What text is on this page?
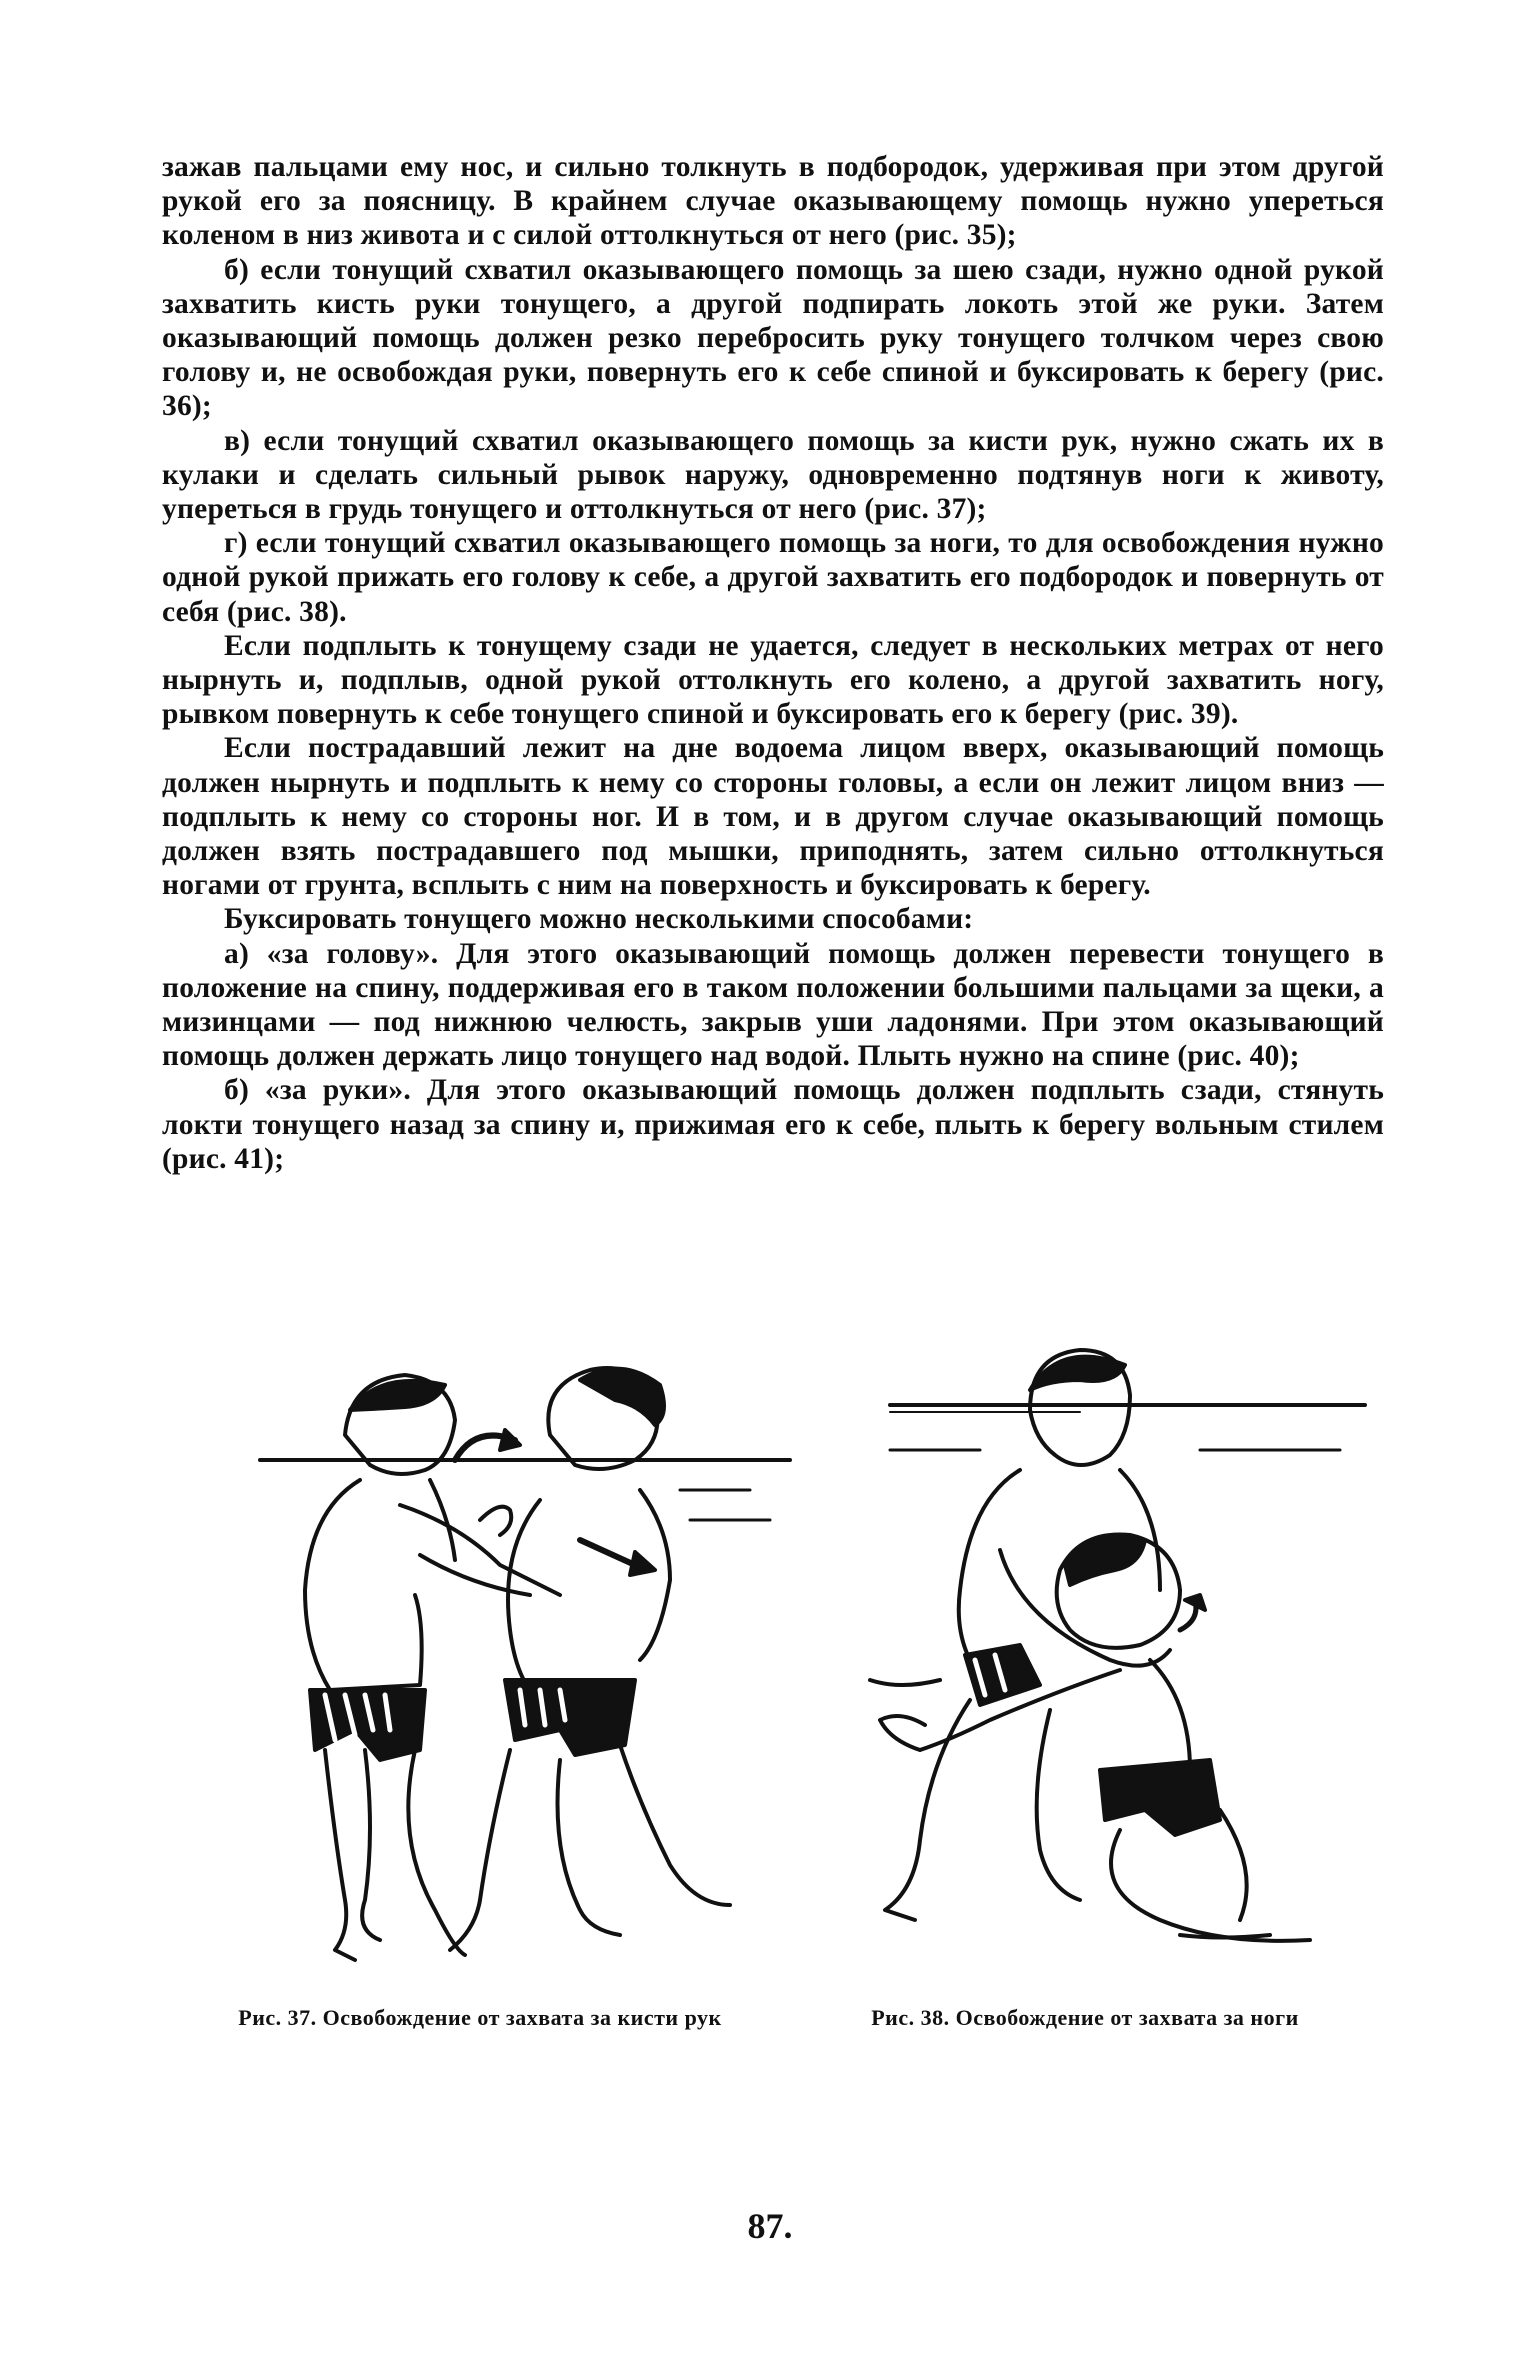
зажав пальцами ему нос, и сильно толкнуть в подбородок, удерживая при этом другой рукой его за поясницу. В крайнем случае оказывающему помощь нужно упереться коленом в низ живота и с силой оттолкнуться от него (рис. 35);

б) если тонущий схватил оказывающего помощь за шею сзади, нужно одной рукой захватить кисть руки тонущего, а другой подпирать локоть этой же руки. Затем оказывающий помощь должен резко перебросить руку тонущего толчком через свою голову и, не освобождая руки, повернуть его к себе спиной и буксировать к берегу (рис. 36);

в) если тонущий схватил оказывающего помощь за кисти рук, нужно сжать их в кулаки и сделать сильный рывок наружу, одновременно подтянув ноги к животу, упереться в грудь тонущего и оттолкнуться от него (рис. 37);

г) если тонущий схватил оказывающего помощь за ноги, то для освобождения нужно одной рукой прижать его голову к себе, а другой захватить его подбородок и повернуть от себя (рис. 38).

Если подплыть к тонущему сзади не удается, следует в нескольких метрах от него нырнуть и, подплыв, одной рукой оттолкнуть его колено, а другой захватить ногу, рывком повернуть к себе тонущего спиной и буксировать его к берегу (рис. 39).

Если пострадавший лежит на дне водоема лицом вверх, оказывающий помощь должен нырнуть и подплыть к нему со стороны головы, а если он лежит лицом вниз — подплыть к нему со стороны ног. И в том, и в другом случае оказывающий помощь должен взять пострадавшего под мышки, приподнять, затем сильно оттолкнуться ногами от грунта, всплыть с ним на поверхность и буксировать к берегу.

Буксировать тонущего можно несколькими способами:

а) «за голову». Для этого оказывающий помощь должен перевести тонущего в положение на спину, поддерживая его в таком положении большими пальцами за щеки, а мизинцами — под нижнюю челюсть, закрыв уши ладонями. При этом оказывающий помощь должен держать лицо тонущего над водой. Плыть нужно на спине (рис. 40);

б) «за руки». Для этого оказывающий помощь должен подплыть сзади, стянуть локти тонущего назад за спину и, прижимая его к себе, плыть к берегу вольным стилем (рис. 41);

Рис. 37. Освобождение от захвата за кисти рук	Рис. 38. Освобождение от захвата за ноги
87.
